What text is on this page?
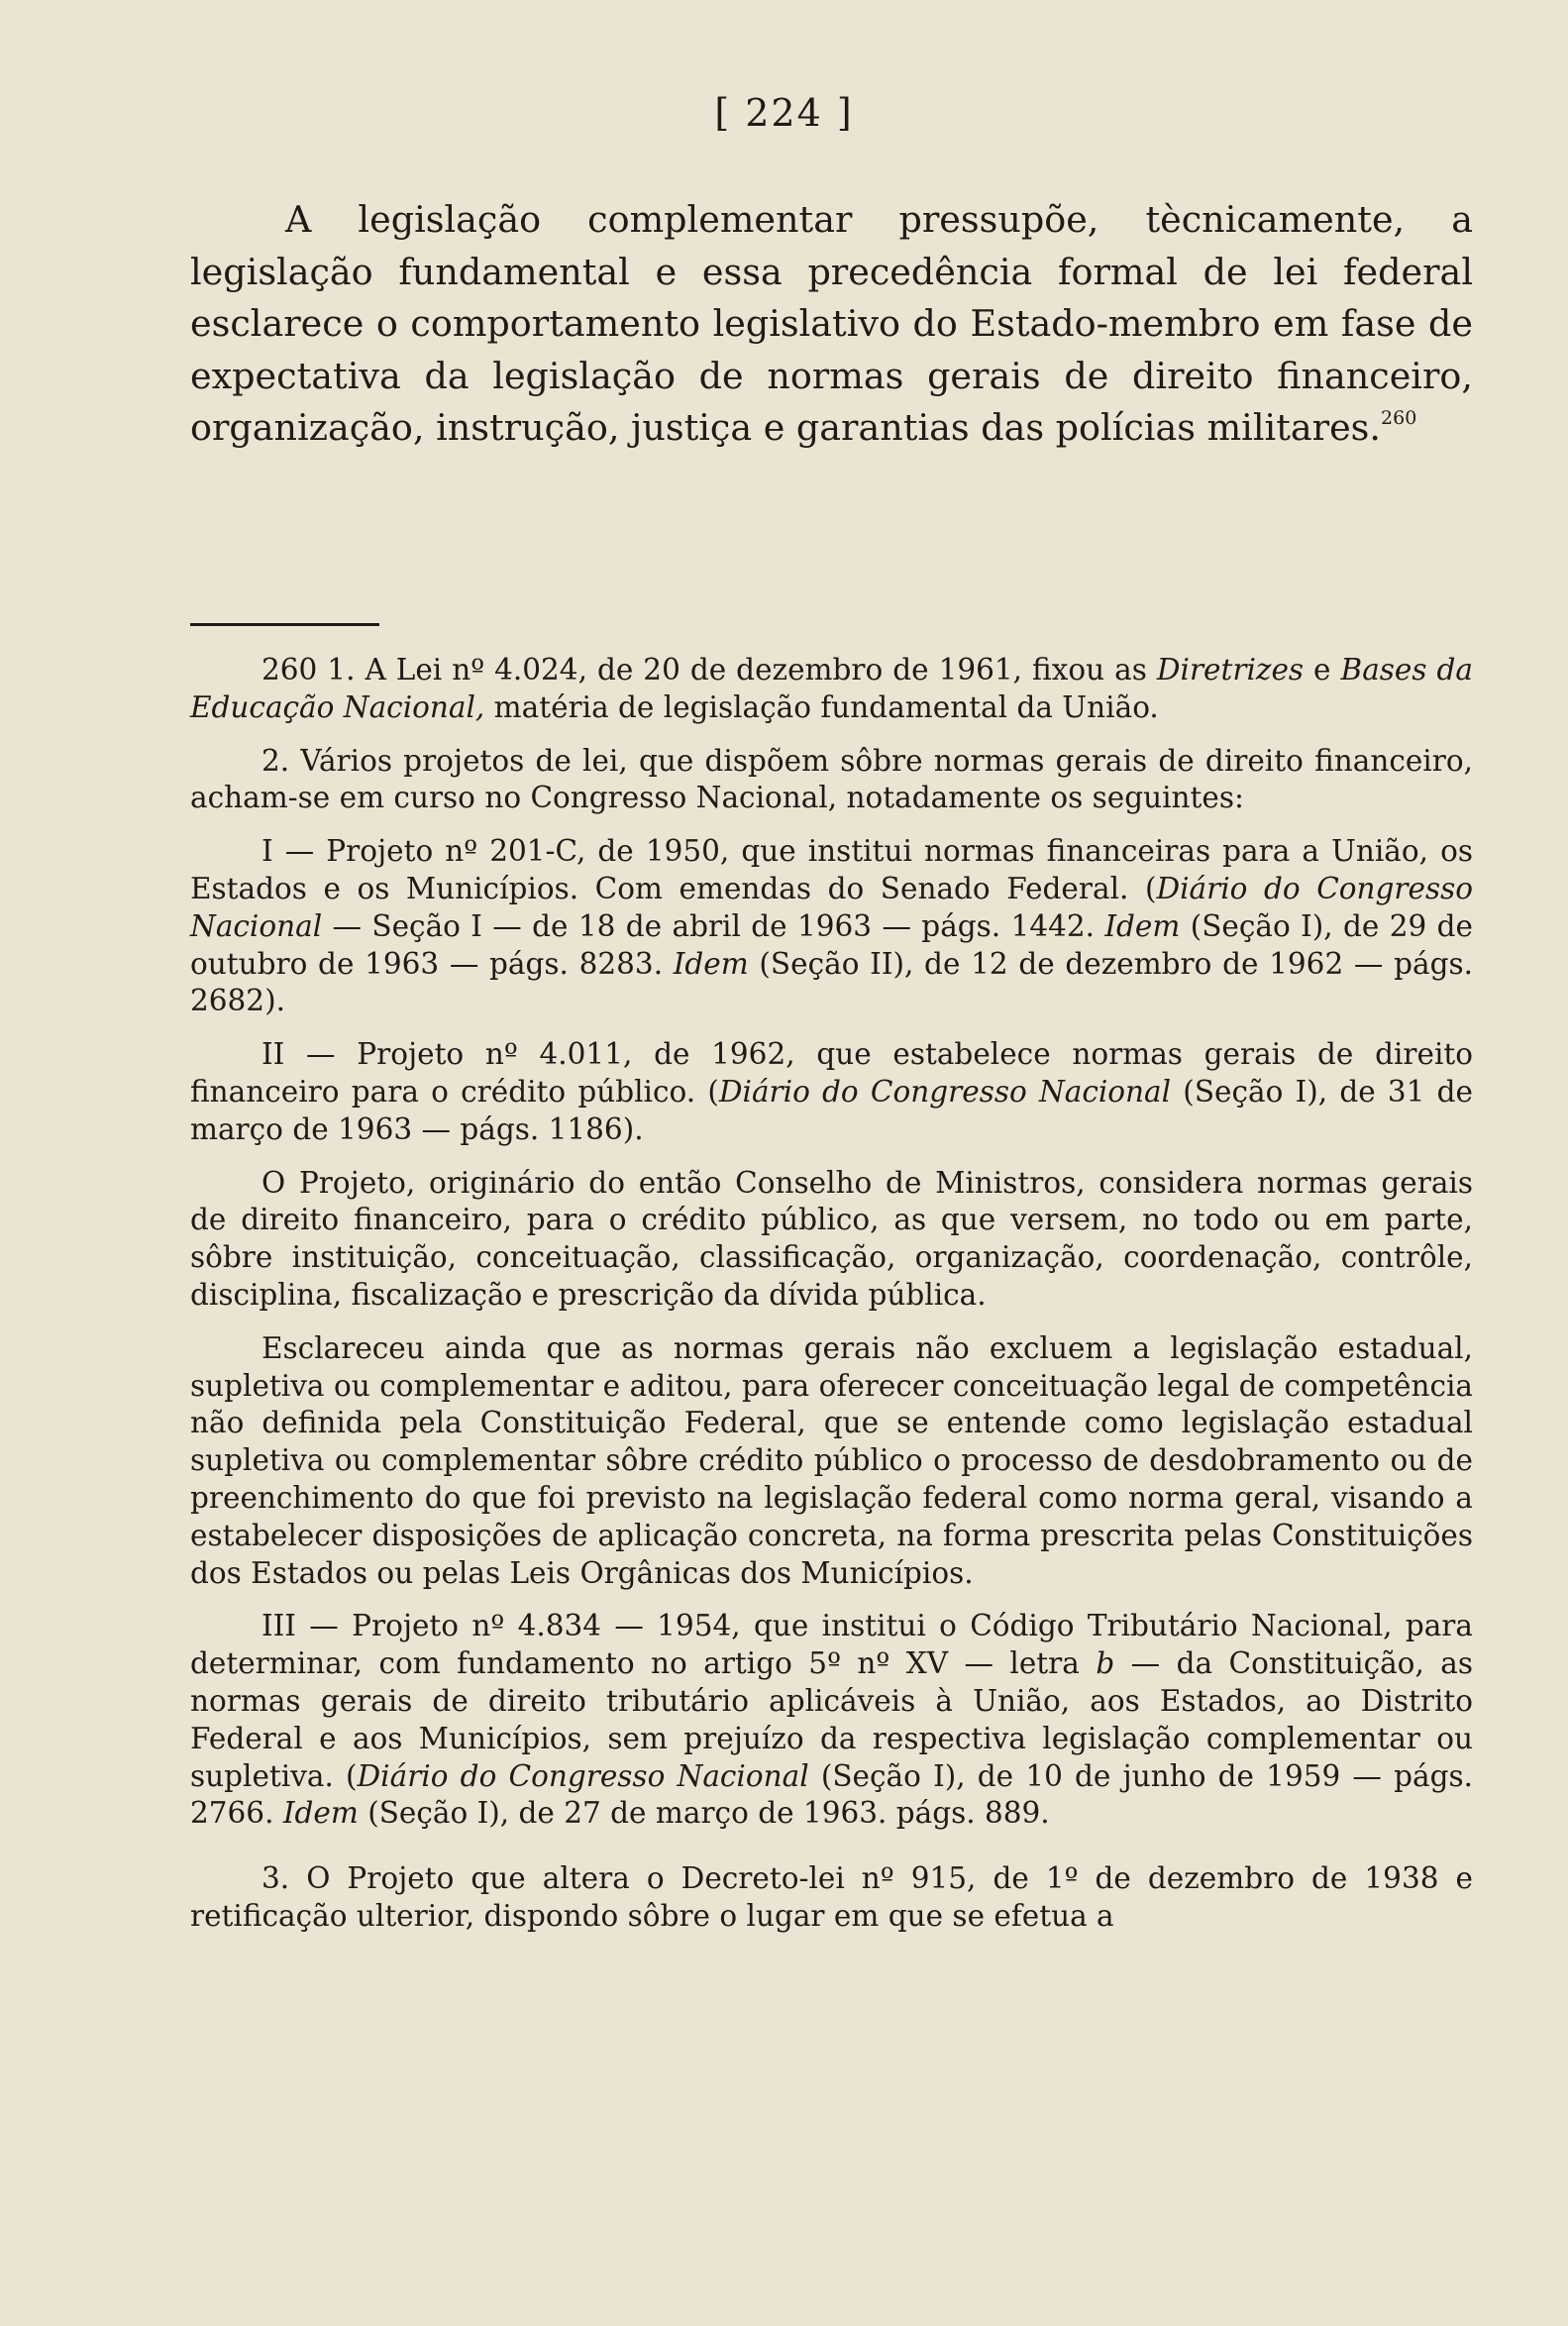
[ 224 ]

A legislação complementar pressupõe, tècnicamente, a legislação fundamental e essa precedência formal de lei federal esclarece o comportamento legislativo do Estado-membro em fase de expectativa da legislação de normas gerais de direito financeiro, organização, instrução, justiça e garantias das polícias militares.$^{260}$

260 1. A Lei nº 4.024, de 20 de dezembro de 1961, fixou as Diretrizes e Bases da Educação Nacional, matéria de legislação fundamental da União.

2. Vários projetos de lei, que dispõem sôbre normas gerais de direito financeiro, acham-se em curso no Congresso Nacional, notadamente os seguintes:

I — Projeto nº 201-C, de 1950, que institui normas financeiras para a União, os Estados e os Municípios. Com emendas do Senado Federal. (Diário do Congresso Nacional — Seção I — de 18 de abril de 1963 — págs. 1442. Idem (Seção I), de 29 de outubro de 1963 — págs. 8283. Idem (Seção II), de 12 de dezembro de 1962 — págs. 2682).

II — Projeto nº 4.011, de 1962, que estabelece normas gerais de direito financeiro para o crédito público. (Diário do Congresso Nacional (Seção I), de 31 de março de 1963 — págs. 1186).

O Projeto, originário do então Conselho de Ministros, considera normas gerais de direito financeiro, para o crédito público, as que versem, no todo ou em parte, sôbre instituição, conceituação, classificação, organização, coordenação, contrôle, disciplina, fiscalização e prescrição da dívida pública.

Esclareceu ainda que as normas gerais não excluem a legislação estadual, supletiva ou complementar e aditou, para oferecer conceituação legal de competência não definida pela Constituição Federal, que se entende como legislação estadual supletiva ou complementar sôbre crédito público o processo de desdobramento ou de preenchimento do que foi previsto na legislação federal como norma geral, visando a estabelecer disposições de aplicação concreta, na forma prescrita pelas Constituições dos Estados ou pelas Leis Orgânicas dos Municípios.

III — Projeto nº 4.834 — 1954, que institui o Código Tributário Nacional, para determinar, com fundamento no artigo 5º nº XV — letra b — da Constituição, as normas gerais de direito tributário aplicáveis à União, aos Estados, ao Distrito Federal e aos Municípios, sem prejuízo da respectiva legislação complementar ou supletiva. (Diário do Congresso Nacional (Seção I), de 10 de junho de 1959 — págs. 2766. Idem (Seção I), de 27 de março de 1963. págs. 889.

3. O Projeto que altera o Decreto-lei nº 915, de 1º de dezembro de 1938 e retificação ulterior, dispondo sôbre o lugar em que se efetua a
